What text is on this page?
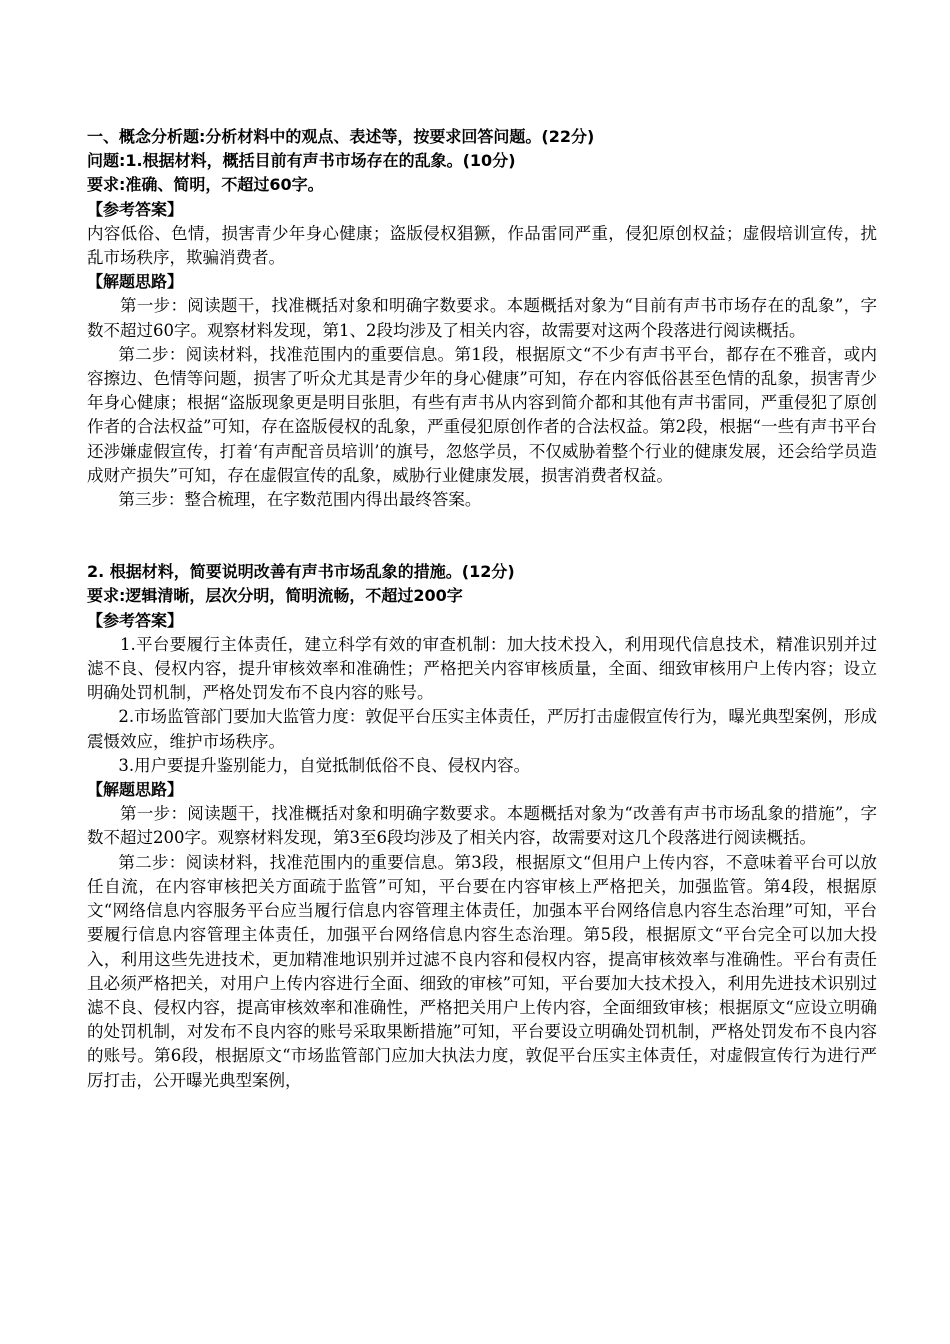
一、概念分析题:分析材料中的观点、表述等，按要求回答问题。(22分)

问题:1.根据材料，概括目前有声书市场存在的乱象。(10分)

要求:准确、简明，不超过60字。

【参考答案】

内容低俗、色情，损害青少年身心健康；盗版侵权猖獗，作品雷同严重，侵犯原创权益；虚假培训宣传，扰乱市场秩序，欺骗消费者。

【解题思路】

第一步：阅读题干，找准概括对象和明确字数要求。本题概括对象为“目前有声书市场存在的乱象”，字数不超过60字。观察材料发现，第1、2段均涉及了相关内容，故需要对这两个段落进行阅读概括。

第二步：阅读材料，找准范围内的重要信息。第1段，根据原文“不少有声书平台，都存在不雅音，或内容擦边、色情等问题，损害了听众尤其是青少年的身心健康”可知，存在内容低俗甚至色情的乱象，损害青少年身心健康；根据“盗版现象更是明目张胆，有些有声书从内容到简介都和其他有声书雷同，严重侵犯了原创作者的合法权益”可知，存在盗版侵权的乱象，严重侵犯原创作者的合法权益。第2段，根据“一些有声书平台还涉嫌虚假宣传，打着‘有声配音员培训’的旗号，忽悠学员，不仅威胁着整个行业的健康发展，还会给学员造成财产损失”可知，存在虚假宣传的乱象，威胁行业健康发展，损害消费者权益。

第三步：整合梳理，在字数范围内得出最终答案。

2. 根据材料，简要说明改善有声书市场乱象的措施。(12分)

要求:逻辑清晰，层次分明，简明流畅，不超过200字

【参考答案】

1.平台要履行主体责任，建立科学有效的审查机制：加大技术投入，利用现代信息技术，精准识别并过滤不良、侵权内容，提升审核效率和准确性；严格把关内容审核质量，全面、细致审核用户上传内容；设立明确处罚机制，严格处罚发布不良内容的账号。

2.市场监管部门要加大监管力度：敦促平台压实主体责任，严厉打击虚假宣传行为，曝光典型案例，形成震慑效应，维护市场秩序。

3.用户要提升鉴别能力，自觉抵制低俗不良、侵权内容。

【解题思路】

第一步：阅读题干，找准概括对象和明确字数要求。本题概括对象为“改善有声书市场乱象的措施”，字数不超过200字。观察材料发现，第3至6段均涉及了相关内容，故需要对这几个段落进行阅读概括。

第二步：阅读材料，找准范围内的重要信息。第3段，根据原文“但用户上传内容，不意味着平台可以放任自流，在内容审核把关方面疏于监管”可知，平台要在内容审核上严格把关，加强监管。第4段，根据原文“网络信息内容服务平台应当履行信息内容管理主体责任，加强本平台网络信息内容生态治理”可知，平台要履行信息内容管理主体责任，加强平台网络信息内容生态治理。第5段，根据原文“平台完全可以加大投入，利用这些先进技术，更加精准地识别并过滤不良内容和侵权内容，提高审核效率与准确性。平台有责任且必须严格把关，对用户上传内容进行全面、细致的审核”可知，平台要加大技术投入，利用先进技术识别过滤不良、侵权内容，提高审核效率和准确性，严格把关用户上传内容，全面细致审核；根据原文“应设立明确的处罚机制，对发布不良内容的账号采取果断措施”可知，平台要设立明确处罚机制，严格处罚发布不良内容的账号。第6段，根据原文“市场监管部门应加大执法力度，敦促平台压实主体责任，对虚假宣传行为进行严厉打击，公开曝光典型案例，
